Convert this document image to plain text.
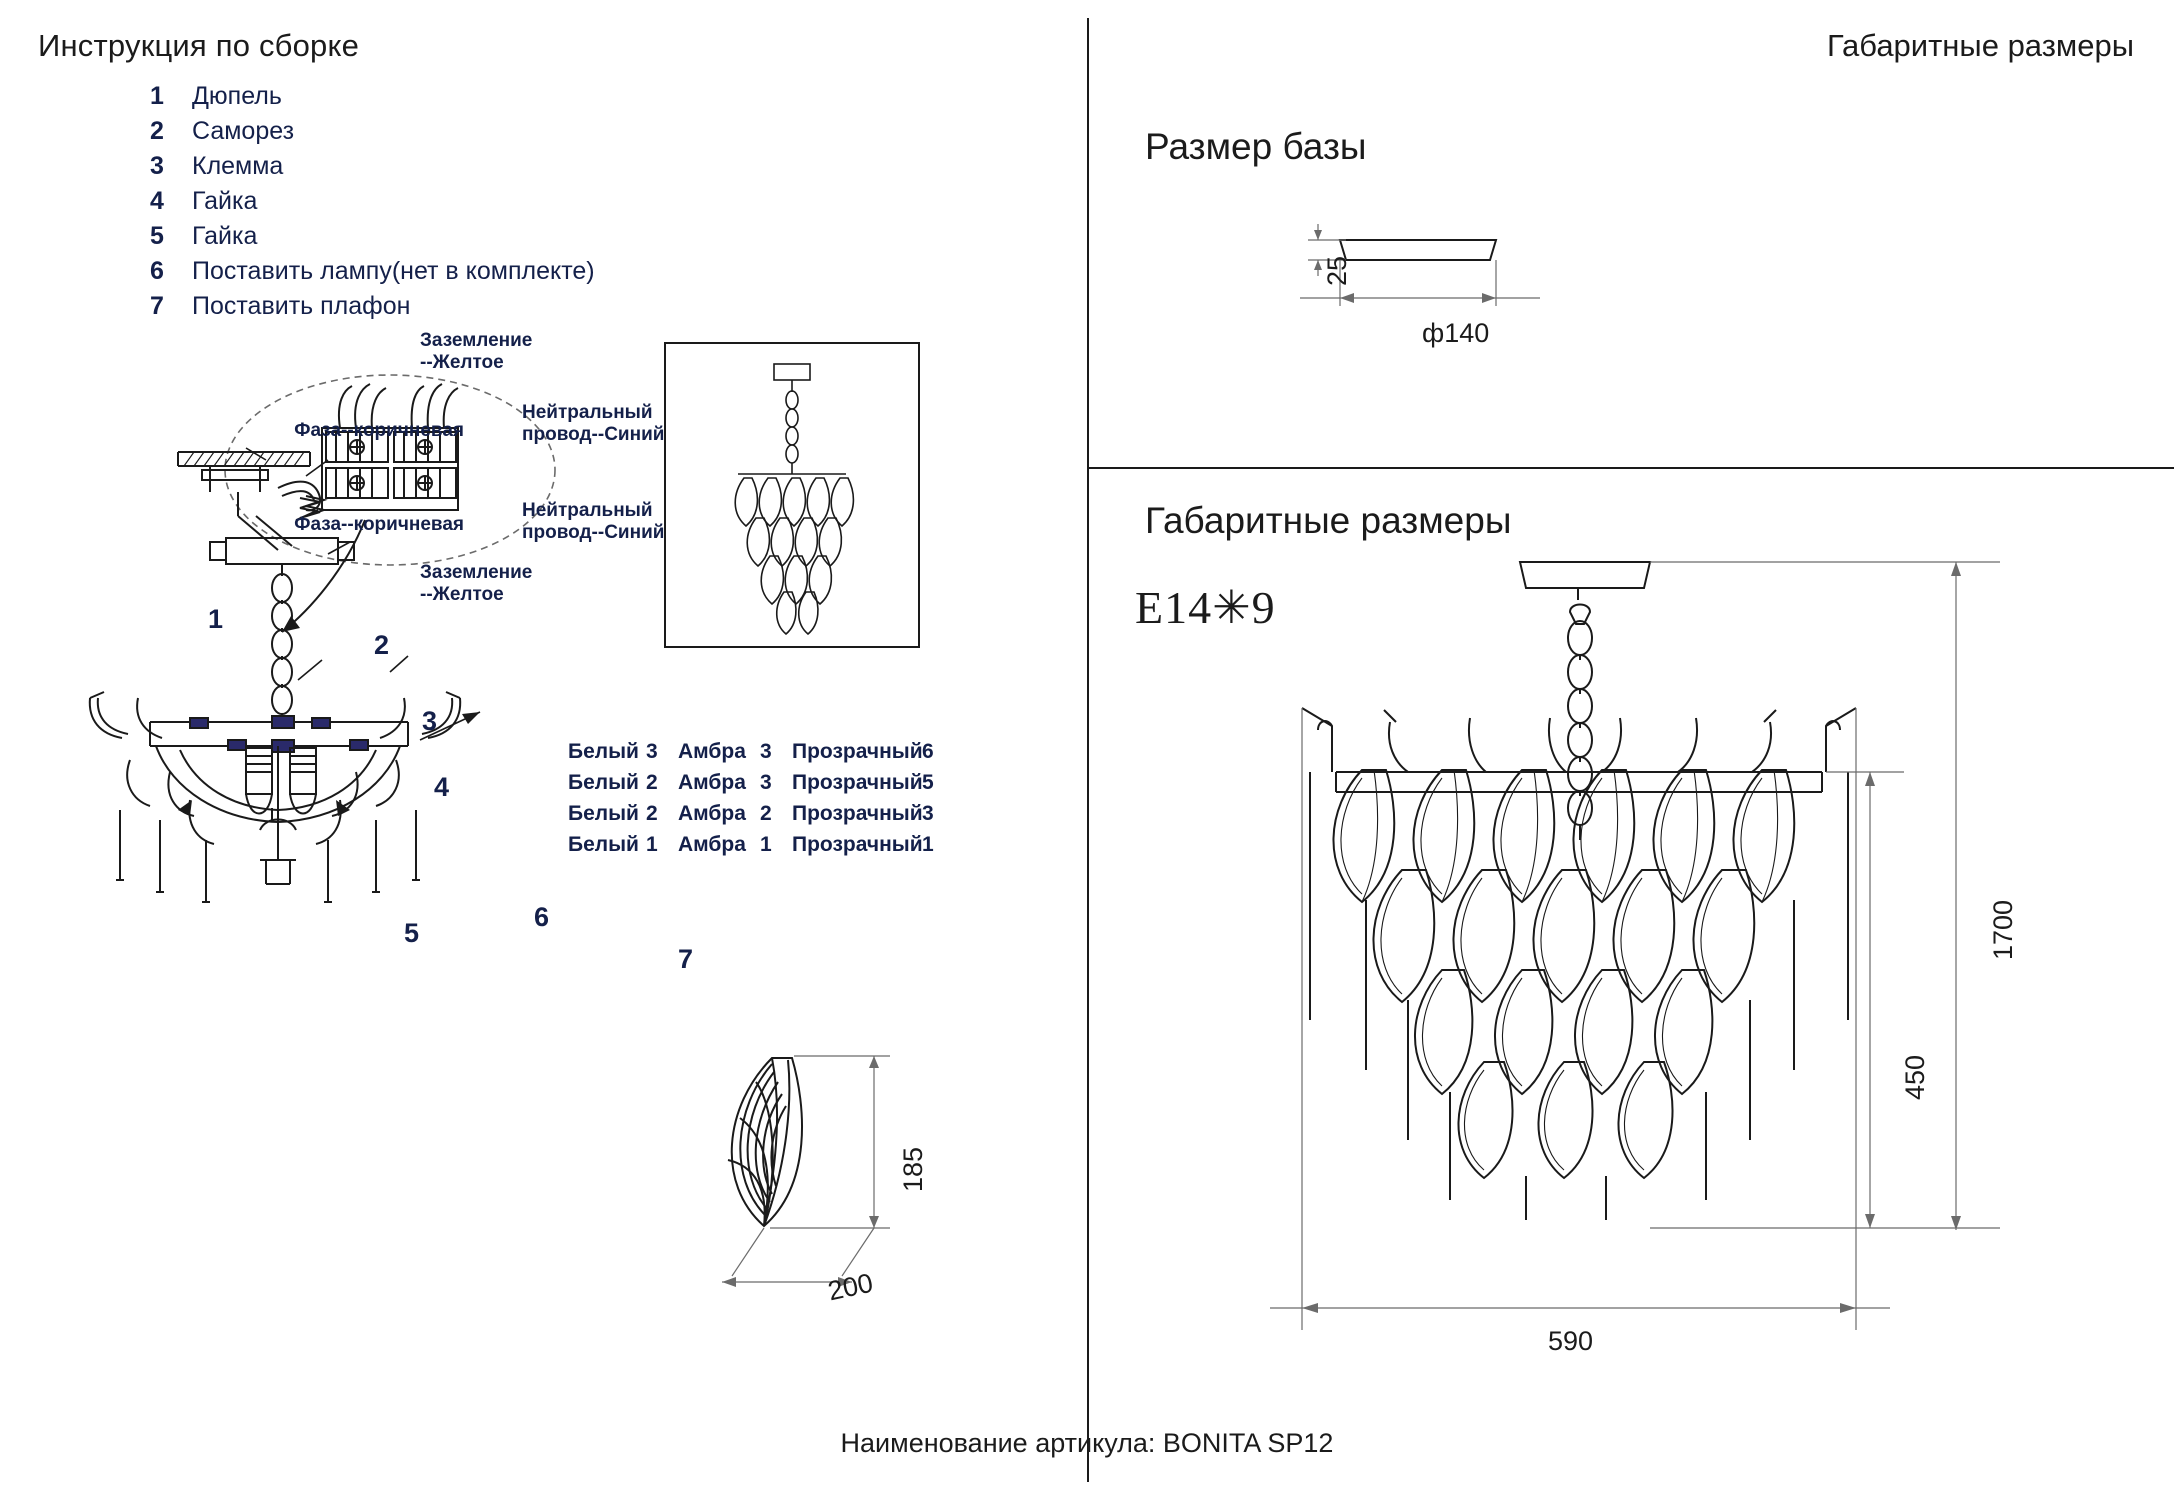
Инструкция по сборке	Габаритные размеры
1	Дюпель
2	Саморез
3	Клемма
4	Гайка
5	Гайка
6	Поставить лампу(нет в комплекте)
7	Поставить плафон
Заземление
--Желтое
Фаза--коричневая
Нейтральный
провод--Синий
Фаза--коричневая
Нейтральный
провод--Синий
Заземление
--Желтое
1
2
3
4
5
6
7
Белый 3 Амбра 3 Прозрачный 6
Белый 2 Амбра 3 Прозрачный 5
Белый 2 Амбра 2 Прозрачный 3
Белый 1 Амбра 1 Прозрачный 1
185
200
Размер базы
Габаритные размеры
E14✳9
25
ф140
1700
450
590
Наименование артикула: BONITA SP12
